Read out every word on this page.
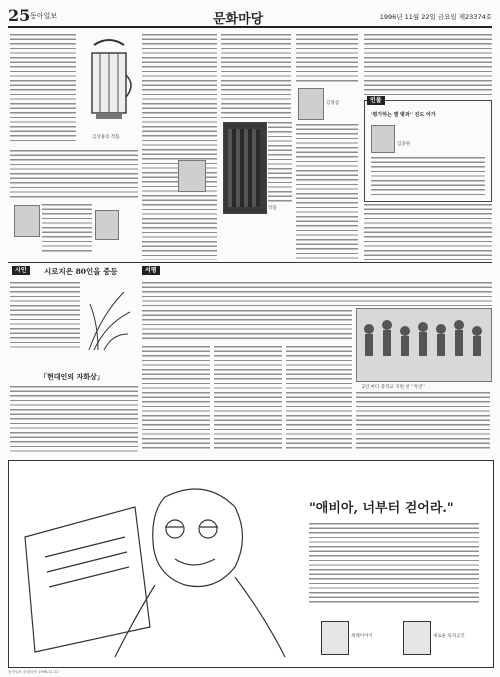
25 동아일보	문화마당	1996년 11월 22일 금요일 제23374호
김상용의 작품
작품
김영삼	인물
'평가하는 별 밖과'' 진도 아가
김종원
시인	시로지은 80인을 중등
「현대인의 자화상」
서평
2년 마다 중학교 지원 찬 ''자연''
"애비아, 너부터 걷어라."
세태이야기	새로운 독자공간
동아일보 문화마당 1996.11.22
